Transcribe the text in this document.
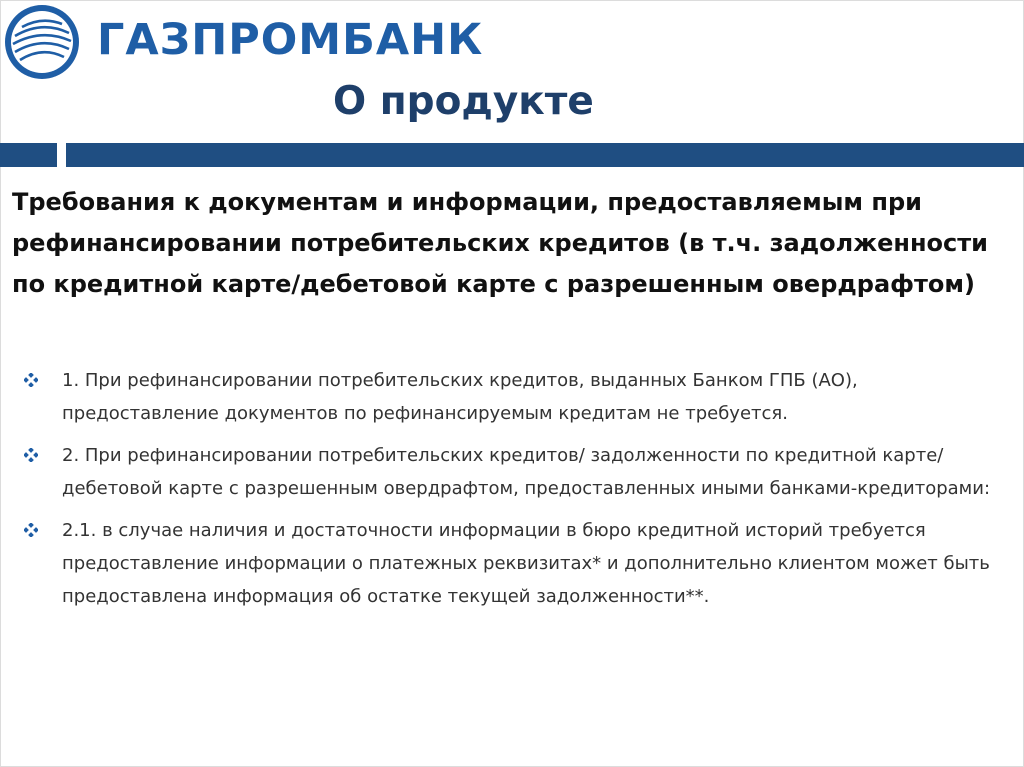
ГАЗПРОМБАНК
О продукте
Требования к документам и информации, предоставляемым при рефинансировании потребительских кредитов (в т.ч. задолженности по кредитной карте/дебетовой карте с разрешенным овердрафтом)
1. При рефинансировании потребительских кредитов, выданных Банком ГПБ (АО), предоставление документов по рефинансируемым кредитам не требуется.
2. При рефинансировании потребительских кредитов/ задолженности по кредитной карте/ дебетовой карте с разрешенным овердрафтом, предоставленных иными банками-кредиторами:
2.1. в случае наличия и достаточности информации в бюро кредитной историй требуется предоставление информации о платежных реквизитах* и дополнительно клиентом может быть предоставлена информация об остатке текущей задолженности**.
